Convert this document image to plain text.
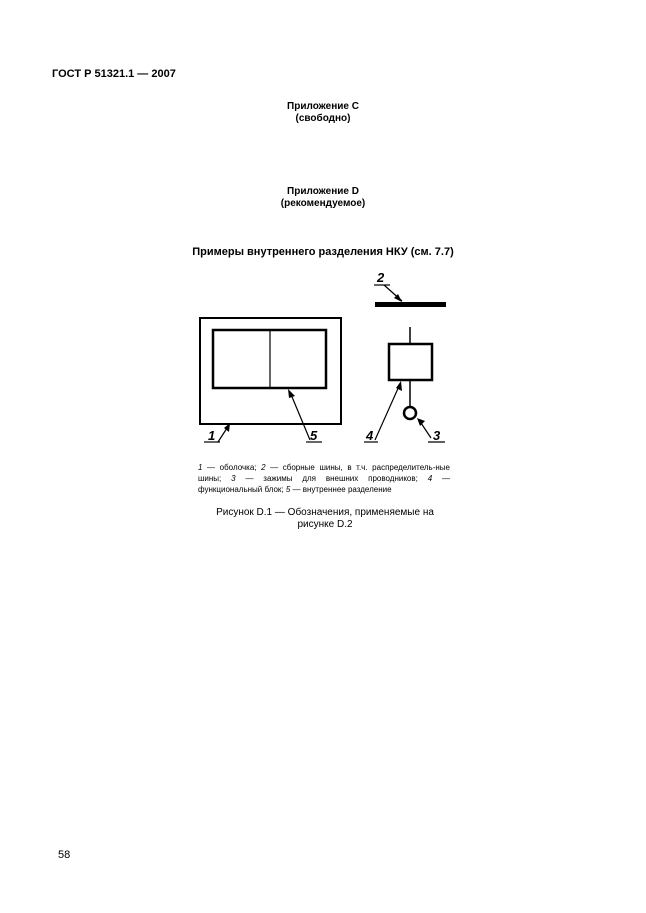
ГОСТ Р 51321.1 — 2007
Приложение С
(свободно)
Приложение D
(рекомендуемое)
Примеры внутреннего разделения НКУ (см. 7.7)
2
3
4
1	5
1 — оболочка; 2 — сборные шины, в т.ч. распределитель-ные шины; 3 — зажимы для внешних проводников; 4 — функциональный блок; 5 — внутреннее разделение
Рисунок D.1 — Обозначения, применяемые на рисунке D.2
58
